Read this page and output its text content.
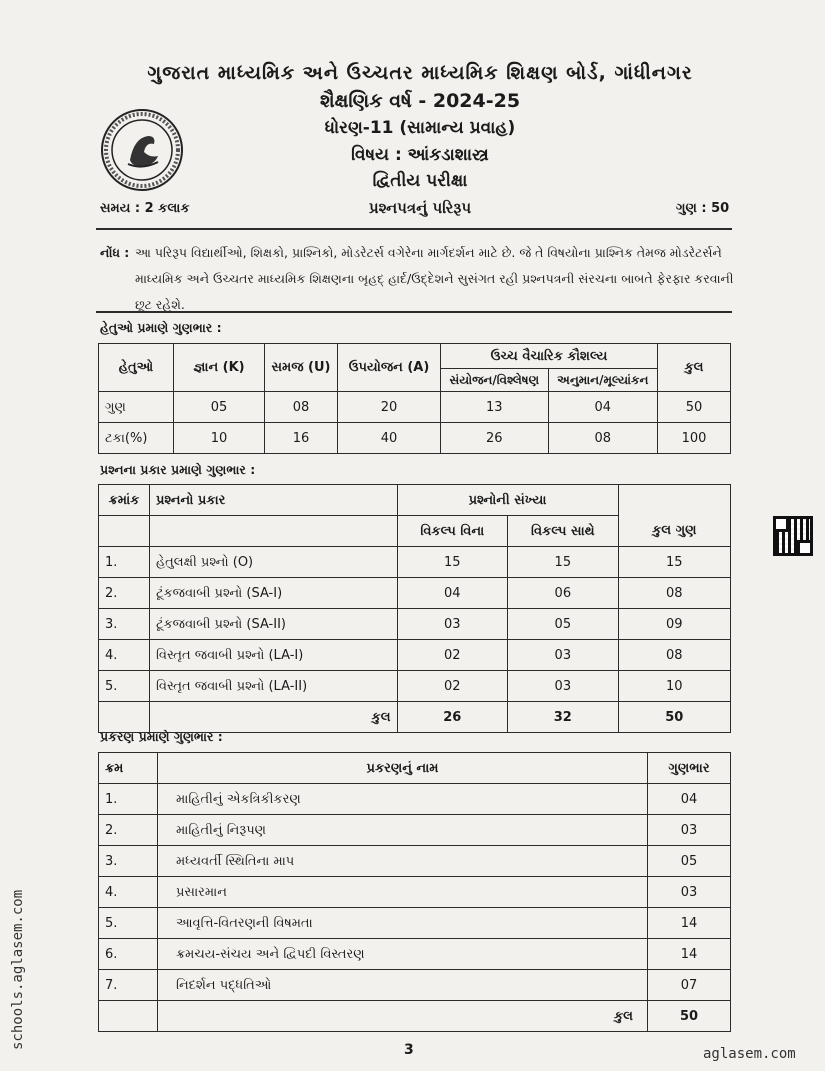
ગુજરાત માધ્યમિક અને ઉચ્ચતર માધ્યમિક શિક્ષણ બોર્ડ, ગાંધીનગર
શૈક્ષણિક વર્ષ - 2024-25
ધોરણ-11 (સામાન્ય પ્રવાહ)
વિષય : આંકડાશાસ્ત્ર
દ્વિતીય પરીક્ષા
સમય : 2 કલાક	પ્રશ્નપત્રનું પરિરૂપ	ગુણ : 50
નોંધ : આ પરિરૂપ વિદ્યાર્થીઓ, શિક્ષકો, પ્રાશ્નિકો, મોડરેટર્સ વગેરેના માર્ગદર્શન માટે છે. જે તે વિષયોના પ્રાશ્નિક તેમજ મોડરેટર્સને માધ્યમિક અને ઉચ્ચતર માધ્યમિક શિક્ષણના બૃહદ્ હાર્દ/ઉદ્દેશને સુસંગત રહી પ્રશ્નપત્રની સંરચના બાબતે ફેરફાર કરવાની છૂટ રહેશે.
હેતુઓ પ્રમાણે ગુણભાર :
હેતુઓ	જ્ઞાન (K)	સમજ (U)	ઉપયોજન (A)	ઉચ્ચ વૈચારિક કૌશલ્ય		કુલ
				સંયોજન/વિશ્લેષણ	અનુમાન/મૂલ્યાંકન	
ગુણ	05	08	20	13	04	50
ટકા(%)	10	16	40	26	08	100
પ્રશ્નના પ્રકાર પ્રમાણે ગુણભાર :
ક્રમાંક	પ્રશ્નનો પ્રકાર	પ્રશ્નોની સંખ્યા		કુલ ગુણ
		વિકલ્પ વિના	વિકલ્પ સાથે	
1.	હેતુલક્ષી પ્રશ્નો (O)	15	15	15
2.	ટૂંકજવાબી પ્રશ્નો (SA-I)	04	06	08
3.	ટૂંકજવાબી પ્રશ્નો (SA-II)	03	05	09
4.	વિસ્તૃત જવાબી પ્રશ્નો (LA-I)	02	03	08
5.	વિસ્તૃત જવાબી પ્રશ્નો (LA-II)	02	03	10
	કુલ	26	32	50
પ્રકરણ પ્રમાણે ગુણભાર :
ક્રમ	પ્રકરણનું નામ	ગુણભાર
1.	માહિતીનું એકત્રિકીકરણ	04
2.	માહિતીનું નિરૂપણ	03
3.	મધ્યવર્તી સ્થિતિના માપ	05
4.	પ્રસારમાન	03
5.	આવૃત્તિ-વિતરણની વિષમતા	14
6.	ક્રમચય-સંચય અને દ્વિપદી વિસ્તરણ	14
7.	નિદર્શન પદ્ધતિઓ	07
	કુલ	50
schools.aglasem.com	3	aglasem.com
